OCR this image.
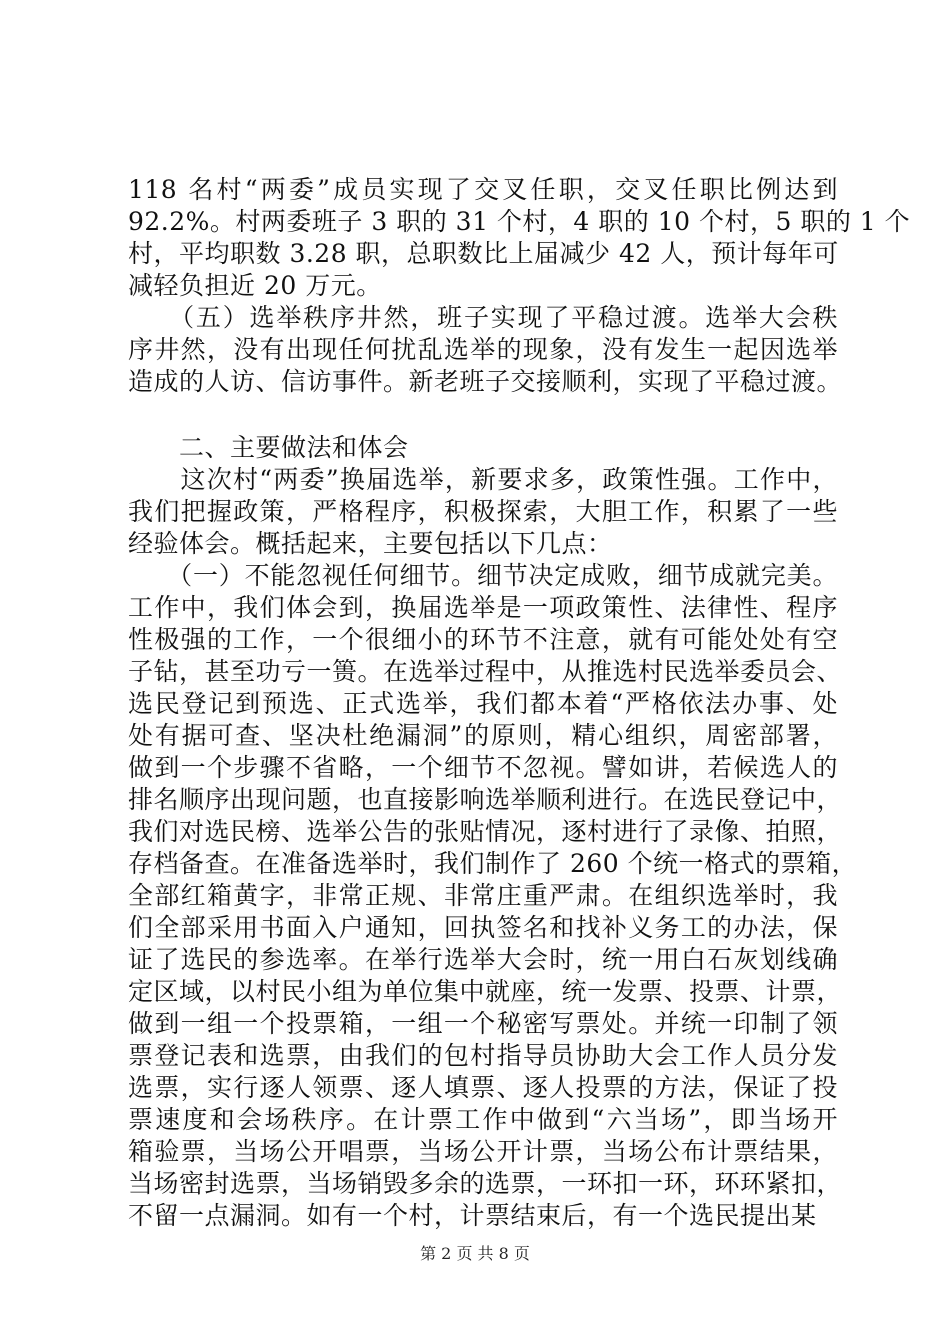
118 名村“两委”成员实现了交叉任职，交叉任职比例达到
92.2%。村两委班子 3 职的 31 个村，4 职的 10 个村，5 职的 1 个
村，平均职数 3.28 职，总职数比上届减少 42 人，预计每年可
减轻负担近 20 万元。
　　（五）选举秩序井然，班子实现了平稳过渡。选举大会秩
序井然，没有出现任何扰乱选举的现象，没有发生一起因选举
造成的人访、信访事件。新老班子交接顺利，实现了平稳过渡。
　　二、主要做法和体会
　　这次村“两委”换届选举，新要求多，政策性强。工作中，
我们把握政策，严格程序，积极探索，大胆工作，积累了一些
经验体会。概括起来，主要包括以下几点：
　　（一）不能忽视任何细节。细节决定成败，细节成就完美。
工作中，我们体会到，换届选举是一项政策性、法律性、程序
性极强的工作，一个很细小的环节不注意，就有可能处处有空
子钻，甚至功亏一篑。在选举过程中，从推选村民选举委员会、
选民登记到预选、正式选举，我们都本着“严格依法办事、处
处有据可查、坚决杜绝漏洞”的原则，精心组织，周密部署，
做到一个步骤不省略，一个细节不忽视。譬如讲，若候选人的
排名顺序出现问题，也直接影响选举顺利进行。在选民登记中，
我们对选民榜、选举公告的张贴情况，逐村进行了录像、拍照，
存档备查。在准备选举时，我们制作了 260 个统一格式的票箱，
全部红箱黄字，非常正规、非常庄重严肃。在组织选举时，我
们全部采用书面入户通知，回执签名和找补义务工的办法，保
证了选民的参选率。在举行选举大会时，统一用白石灰划线确
定区域，以村民小组为单位集中就座，统一发票、投票、计票，
做到一组一个投票箱，一组一个秘密写票处。并统一印制了领
票登记表和选票，由我们的包村指导员协助大会工作人员分发
选票，实行逐人领票、逐人填票、逐人投票的方法，保证了投
票速度和会场秩序。在计票工作中做到“六当场”，即当场开
箱验票，当场公开唱票，当场公开计票，当场公布计票结果，
当场密封选票，当场销毁多余的选票，一环扣一环，环环紧扣，
不留一点漏洞。如有一个村，计票结束后，有一个选民提出某
第 2 页 共 8 页
